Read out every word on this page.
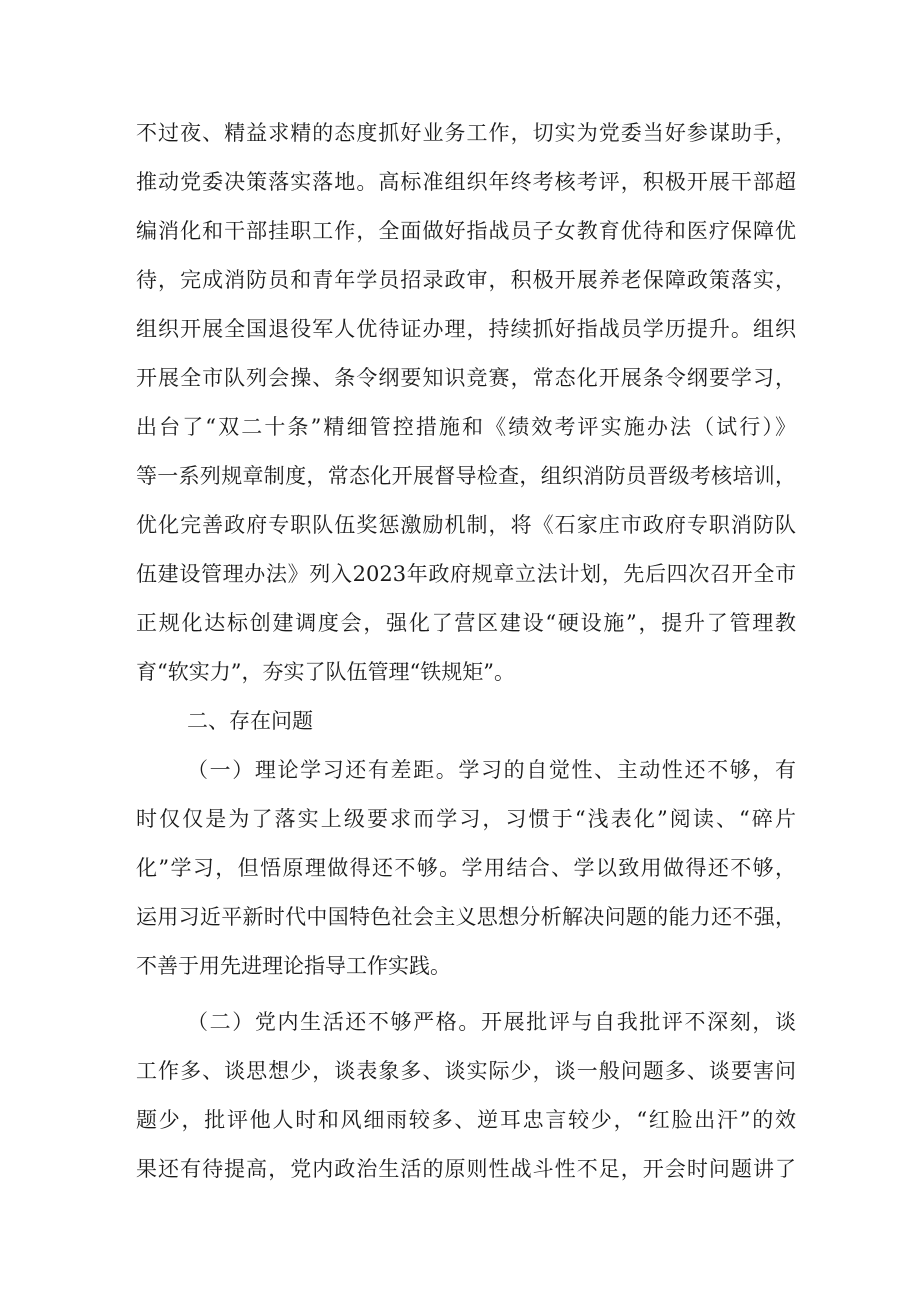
不过夜、精益求精的态度抓好业务工作，切实为党委当好参谋助手，
推动党委决策落实落地。高标准组织年终考核考评，积极开展干部超
编消化和干部挂职工作，全面做好指战员子女教育优待和医疗保障优
待，完成消防员和青年学员招录政审，积极开展养老保障政策落实，
组织开展全国退役军人优待证办理，持续抓好指战员学历提升。组织
开展全市队列会操、条令纲要知识竞赛，常态化开展条令纲要学习，
出台了“双二十条”精细管控措施和《绩效考评实施办法（试行）》
等一系列规章制度，常态化开展督导检查，组织消防员晋级考核培训，
优化完善政府专职队伍奖惩激励机制，将《石家庄市政府专职消防队
伍建设管理办法》列入2023年政府规章立法计划，先后四次召开全市
正规化达标创建调度会，强化了营区建设“硬设施”，提升了管理教
育“软实力”，夯实了队伍管理“铁规矩”。
二、存在问题
（一）理论学习还有差距。学习的自觉性、主动性还不够，有
时仅仅是为了落实上级要求而学习，习惯于“浅表化”阅读、“碎片
化”学习，但悟原理做得还不够。学用结合、学以致用做得还不够，
运用习近平新时代中国特色社会主义思想分析解决问题的能力还不强，
不善于用先进理论指导工作实践。
（二）党内生活还不够严格。开展批评与自我批评不深刻，谈
工作多、谈思想少，谈表象多、谈实际少，谈一般问题多、谈要害问
题少，批评他人时和风细雨较多、逆耳忠言较少，“红脸出汗”的效
果还有待提高，党内政治生活的原则性战斗性不足，开会时问题讲了
